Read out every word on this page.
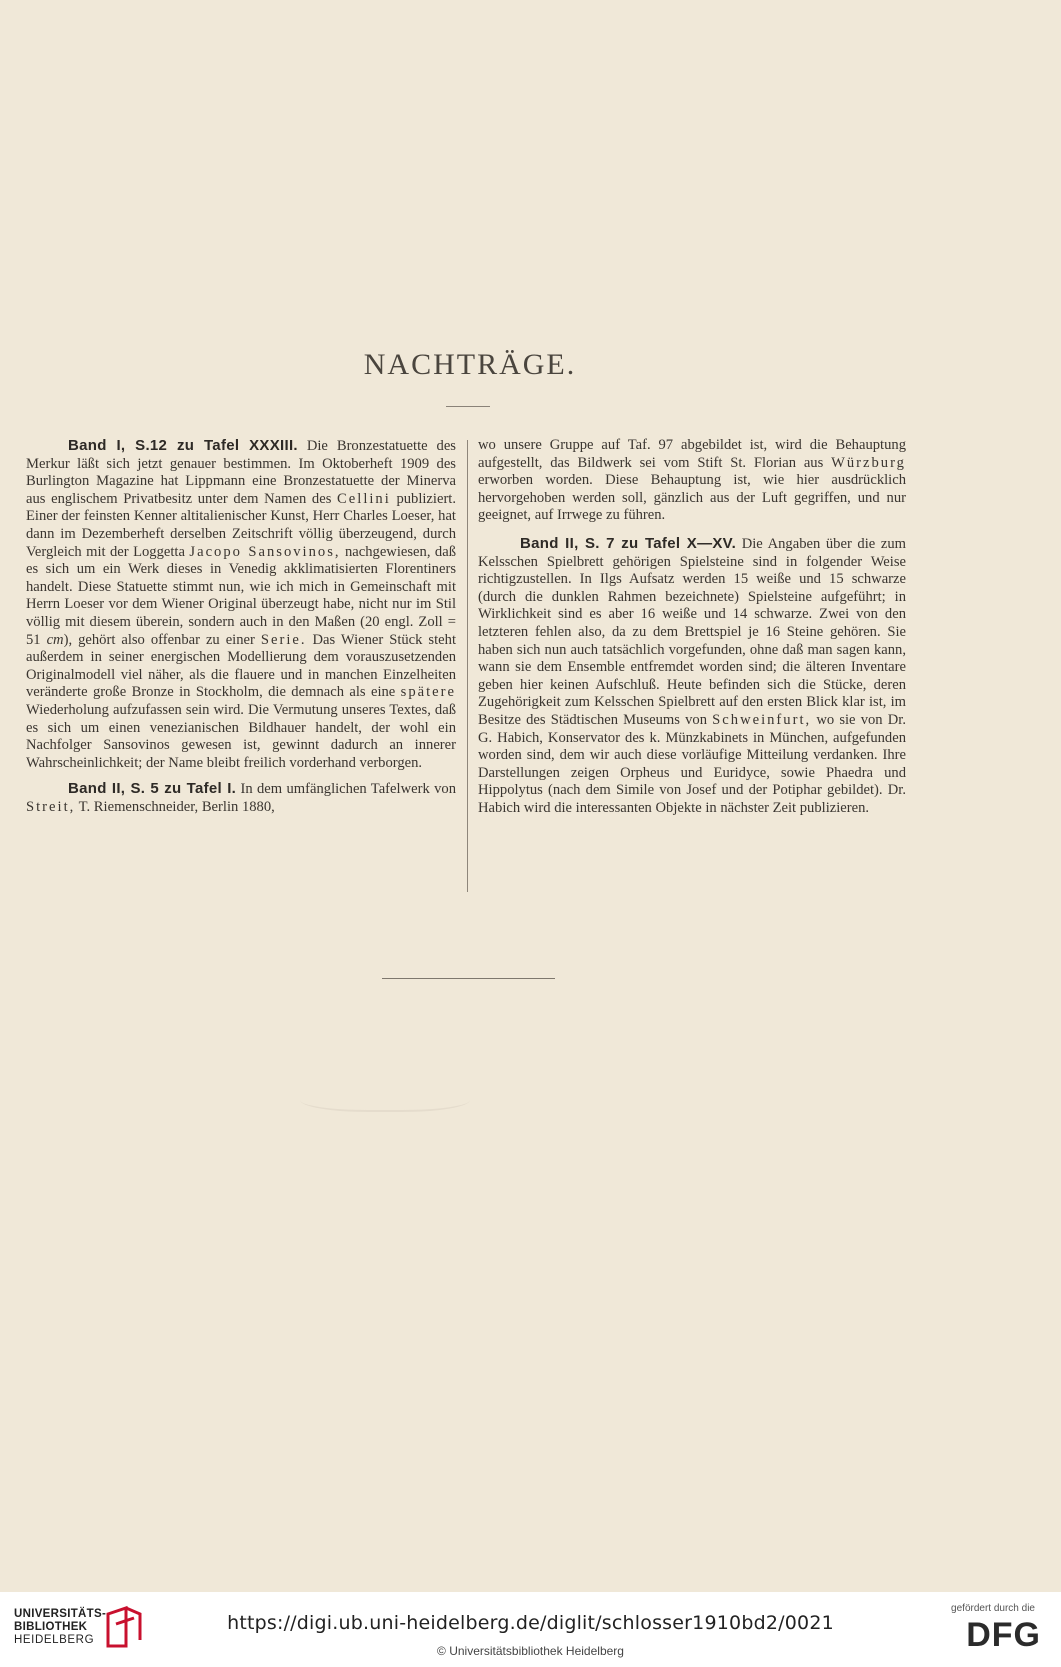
NACHTRÄGE.

Band I, S.12 zu Tafel XXXIII. Die Bronzestatuette des Merkur läßt sich jetzt genauer bestimmen. Im Oktoberheft 1909 des Burlington Magazine hat Lippmann eine Bronzestatuette der Minerva aus englischem Privatbesitz unter dem Namen des Cellini publiziert. Einer der feinsten Kenner altitalienischer Kunst, Herr Charles Loeser, hat dann im Dezemberheft derselben Zeitschrift völlig überzeugend, durch Vergleich mit der Loggetta Jacopo Sansovinos, nachgewiesen, daß es sich um ein Werk dieses in Venedig akklimatisierten Florentiners handelt. Diese Statuette stimmt nun, wie ich mich in Gemeinschaft mit Herrn Loeser vor dem Wiener Original überzeugt habe, nicht nur im Stil völlig mit diesem überein, sondern auch in den Maßen (20 engl. Zoll = 51 cm), gehört also offenbar zu einer Serie. Das Wiener Stück steht außerdem in seiner energischen Modellierung dem vorauszusetzenden Originalmodell viel näher, als die flauere und in manchen Einzelheiten veränderte große Bronze in Stockholm, die demnach als eine spätere Wiederholung aufzufassen sein wird. Die Vermutung unseres Textes, daß es sich um einen venezianischen Bildhauer handelt, der wohl ein Nachfolger Sansovinos gewesen ist, gewinnt dadurch an innerer Wahrscheinlichkeit; der Name bleibt freilich vorderhand verborgen.

Band II, S. 5 zu Tafel I. In dem umfänglichen Tafelwerk von Streit, T. Riemenschneider, Berlin 1880,

wo unsere Gruppe auf Taf. 97 abgebildet ist, wird die Behauptung aufgestellt, das Bildwerk sei vom Stift St. Florian aus Würzburg erworben worden. Diese Behauptung ist, wie hier ausdrücklich hervorgehoben werden soll, gänzlich aus der Luft gegriffen, und nur geeignet, auf Irrwege zu führen.

Band II, S. 7 zu Tafel X—XV. Die Angaben über die zum Kelsschen Spielbrett gehörigen Spielsteine sind in folgender Weise richtigzustellen. In Ilgs Aufsatz werden 15 weiße und 15 schwarze (durch die dunklen Rahmen bezeichnete) Spielsteine aufgeführt; in Wirklichkeit sind es aber 16 weiße und 14 schwarze. Zwei von den letzteren fehlen also, da zu dem Brettspiel je 16 Steine gehören. Sie haben sich nun auch tatsächlich vorgefunden, ohne daß man sagen kann, wann sie dem Ensemble entfremdet worden sind; die älteren Inventare geben hier keinen Aufschluß. Heute befinden sich die Stücke, deren Zugehörigkeit zum Kelsschen Spielbrett auf den ersten Blick klar ist, im Besitze des Städtischen Museums von Schweinfurt, wo sie von Dr. G. Habich, Konservator des k. Münzkabinets in München, aufgefunden worden sind, dem wir auch diese vorläufige Mitteilung verdanken. Ihre Darstellungen zeigen Orpheus und Euridyce, sowie Phaedra und Hippolytus (nach dem Simile von Josef und der Potiphar gebildet). Dr. Habich wird die interessanten Objekte in nächster Zeit publizieren.

UNIVERSITÄTS-
BIBLIOTHEK
HEIDELBERG
https://digi.ub.uni-heidelberg.de/diglit/schlosser1910bd2/0021
© Universitätsbibliothek Heidelberg
gefördert durch die
DFG
